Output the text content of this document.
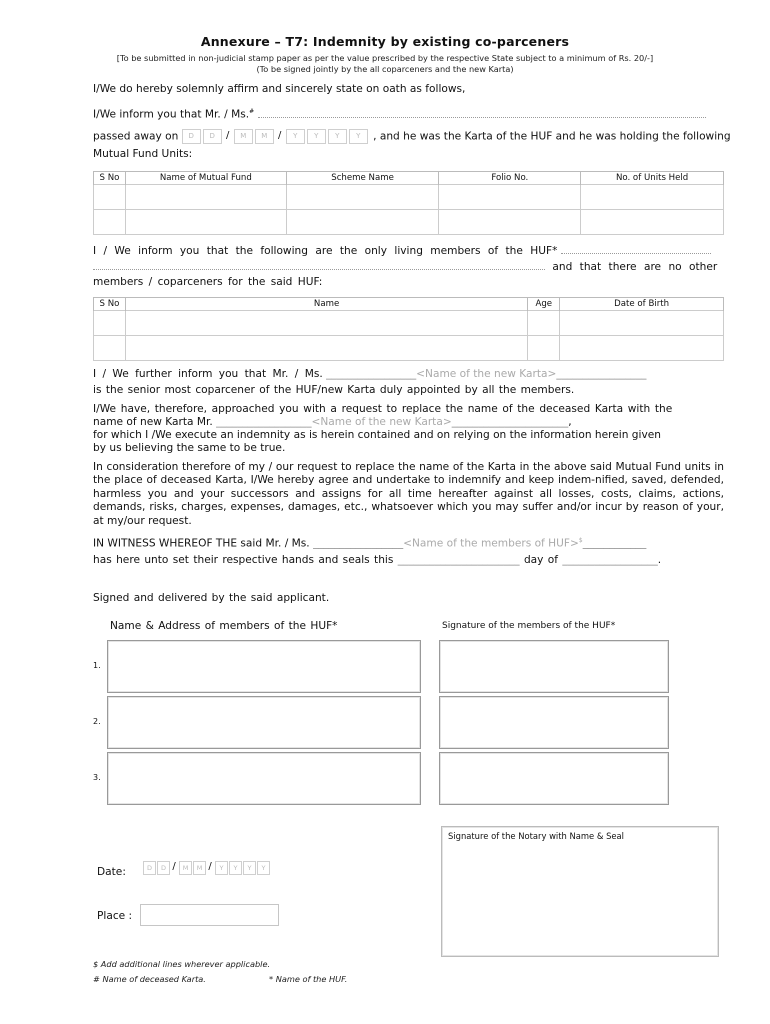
Annexure – T7: Indemnity by existing co-parceners
[To be submitted in non-judicial stamp paper as per the value prescribed by the respective State subject to a minimum of Rs. 20/-]
(To be signed jointly by the all coparceners and the new Karta)
I/We do hereby solemnly affirm and sincerely state on oath as follows,
I/We inform you that Mr. / Ms.#
passed away on	D	D	/	M	M	/	Y	Y	Y	Y	, and he was the Karta of the HUF and he was holding the following
Mutual Fund Units:
S No	Name of Mutual Fund	Scheme Name	Folio No.	No. of Units Held

I / We inform you that the following are the only living members of the HUF*
and that there are no other
members / coparceners for the said HUF:
S No	Name	Age	Date of Birth

I / We further inform you that Mr. / Ms. _________________<Name of the new Karta>_________________
is the senior most coparcener of the HUF/new Karta duly appointed by all the members.
I/We have, therefore, approached you with a request to replace the name of the deceased Karta with the
name of new Karta Mr. __________________<Name of the new Karta>______________________,
for which I /We execute an indemnity as is herein contained and on relying on the information herein given
by us believing the same to be true.
In consideration therefore of my / our request to replace the name of the Karta in the above said Mutual Fund units in the place of deceased Karta, I/We hereby agree and undertake to indemnify and keep indem-nified, saved, defended, harmless you and your successors and assigns for all time hereafter against all losses, costs, claims, actions, demands, risks, charges, expenses, damages, etc., whatsoever which you may suffer and/or incur by reason of your, at my/our request.
IN WITNESS WHEREOF THE said Mr. / Ms. _________________<Name of the members of HUF>$____________
has here unto set their respective hands and seals this _______________________ day of __________________.
Signed and delivered by the said applicant.
Name & Address of members of the HUF*	Signature of the members of the HUF*
1.
2.
3.
Signature of the Notary with Name & Seal
Date:	D	D /	M	M /	Y	Y	Y	Y
Place :
$ Add additional lines wherever applicable.
# Name of deceased Karta.	* Name of the HUF.
